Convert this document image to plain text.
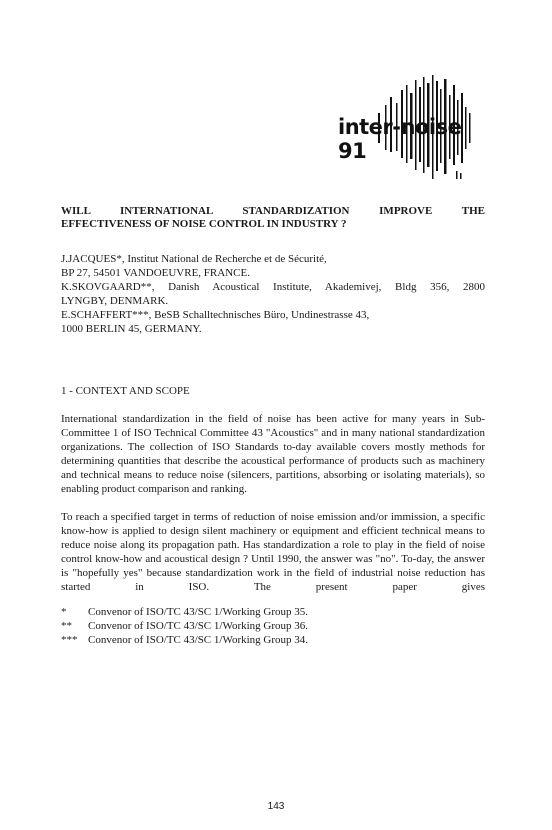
inter-noise 91
WILL INTERNATIONAL STANDARDIZATION IMPROVE THE
EFFECTIVENESS OF NOISE CONTROL IN INDUSTRY ?
J.JACQUES*, Institut National de Recherche et de Sécurité,
BP 27, 54501 VANDOEUVRE, FRANCE.
K.SKOVGAARD**, Danish Acoustical Institute, Akademivej, Bldg 356, 2800
LYNGBY, DENMARK.
E.SCHAFFERT***, BeSB Schalltechnisches Büro, Undinestrasse 43,
1000 BERLIN 45, GERMANY.
1 - CONTEXT AND SCOPE

International standardization in the field of noise has been active for many years in Sub-Committee 1 of ISO Technical Committee 43 "Acoustics" and in many national standardization organizations. The collection of ISO Standards to-day available covers mostly methods for determining quantities that describe the acoustical performance of products such as machinery and technical means to reduce noise (silencers, partitions, absorbing or isolating materials), so enabling product comparison and ranking.

To reach a specified target in terms of reduction of noise emission and/or immission, a specific know-how is applied to design silent machinery or equipment and efficient technical means to reduce noise along its propagation path. Has standardization a role to play in the field of noise control know-how and acoustical design ? Until 1990, the answer was "no". To-day, the answer is "hopefully yes" because standardization work in the field of industrial noise reduction has started in ISO. The present paper gives

*	Convenor of ISO/TC 43/SC 1/Working Group 35.
**	Convenor of ISO/TC 43/SC 1/Working Group 36.
*** Convenor of ISO/TC 43/SC 1/Working Group 34.
143
